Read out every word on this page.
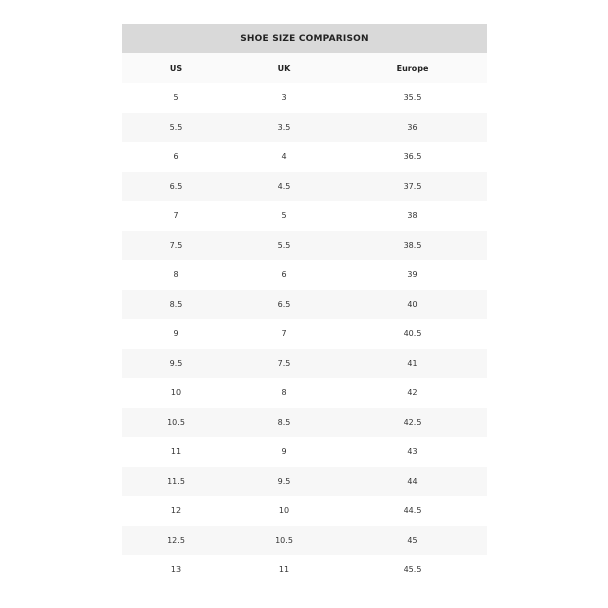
SHOE SIZE COMPARISON
US	UK	Europe
5	3	35.5
5.5	3.5	36
6	4	36.5
6.5	4.5	37.5
7	5	38
7.5	5.5	38.5
8	6	39
8.5	6.5	40
9	7	40.5
9.5	7.5	41
10	8	42
10.5	8.5	42.5
11	9	43
11.5	9.5	44
12	10	44.5
12.5	10.5	45
13	11	45.5
